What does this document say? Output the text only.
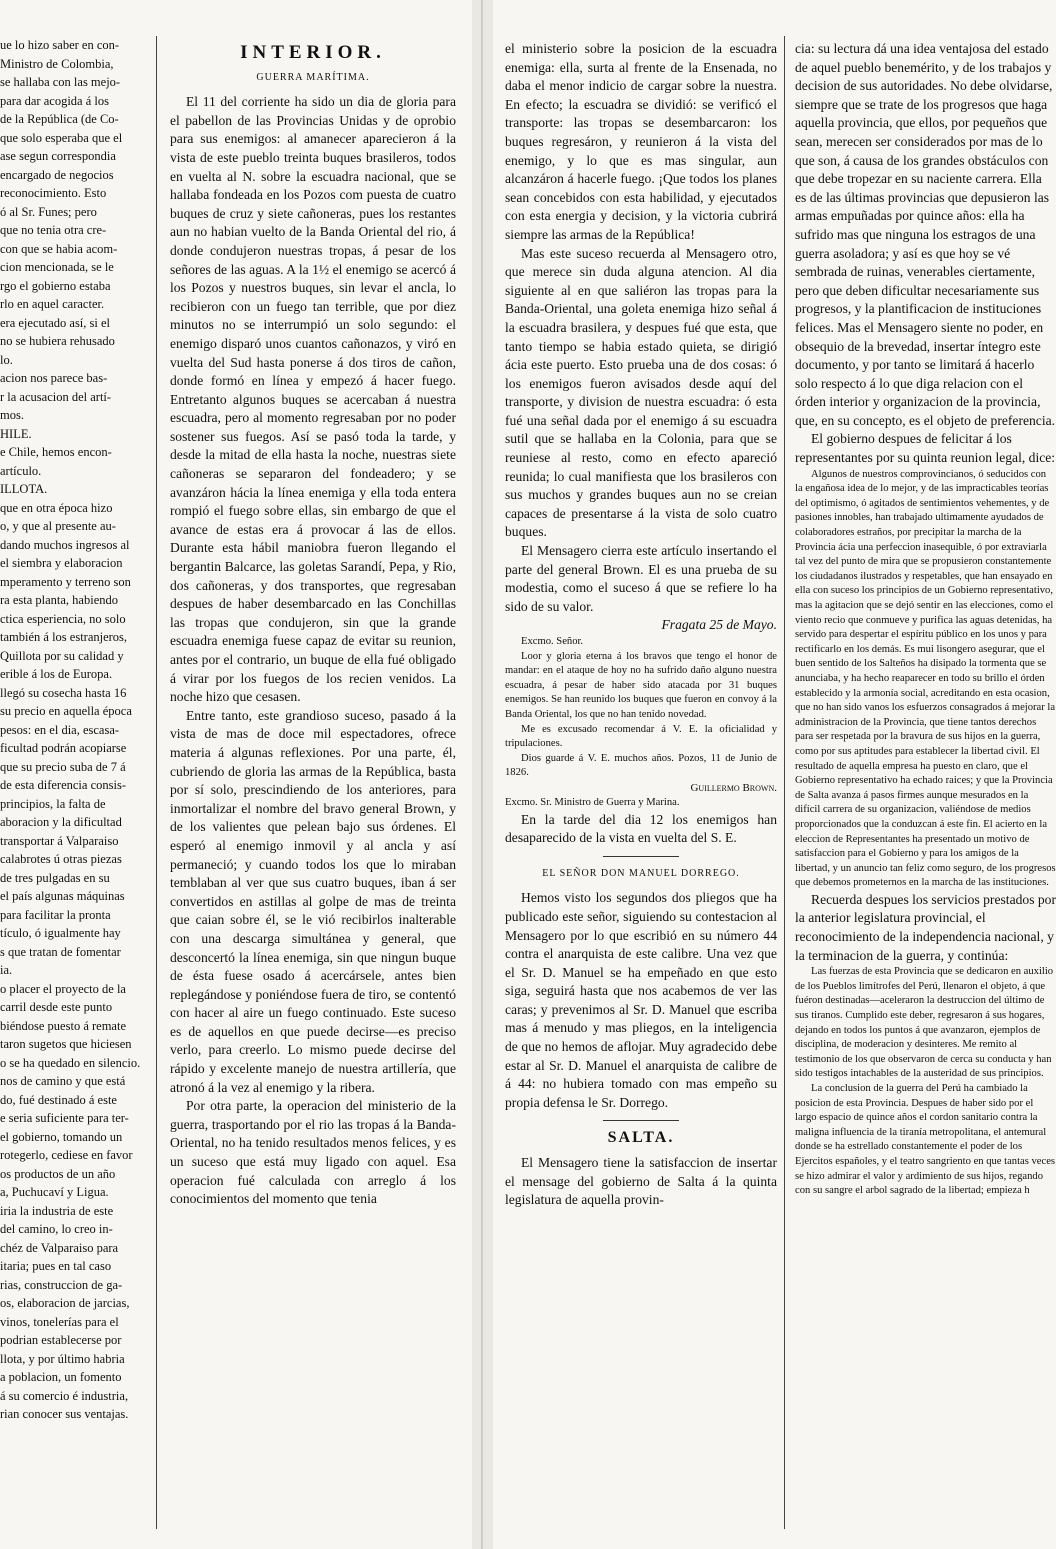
ue lo hizo saber en con-
Ministro de Colombia,
se hallaba con las mejo-
para dar acogida á los
de la República (de Co-
que solo esperaba que el
ase segun correspondia
encargado de negocios
reconocimiento. Esto
ó al Sr. Funes; pero
que no tenia otra cre-
con que se habia acom-
cion mencionada, se le
rgo el gobierno estaba
rlo en aquel caracter.
era ejecutado así, si el
no se hubiera rehusado
lo.
acion nos parece bas-
r la acusacion del artí-
mos.
HILE.
e Chile, hemos encon-
artículo.
ILLOTA.
que en otra época hizo
o, y que al presente au-
dando muchos ingresos al
el siembra y elaboracion
mperamento y terreno son
ra esta planta, habiendo
ctica esperiencia, no solo
también á los estranjeros,
Quillota por su calidad y
erible á los de Europa.
llegó su cosecha hasta 16
su precio en aquella época
pesos: en el dia, escasa-
ficultad podrán acopiarse
que su precio suba de 7 á
de esta diferencia consis-
principios, la falta de
aboracion y la dificultad
transportar á Valparaiso
calabrotes ú otras piezas
de tres pulgadas en su
el país algunas máquinas
para facilitar la pronta
tículo, ó igualmente hay
s que tratan de fomentar
ia.
o placer el proyecto de la
carril desde este punto
biéndose puesto á remate
taron sugetos que hiciesen
o se ha quedado en silencio.
nos de camino y que está
do, fué destinado á este
e seria suficiente para ter-
el gobierno, tomando un
rotegerlo, cediese en favor
os productos de un año
a, Puchucaví y Ligua.
iria la industria de este
del camino, lo creo in-
chéz de Valparaiso para
itaria; pues en tal caso
rias, construccion de ga-
os, elaboracion de jarcias,
vinos, tonelerías para el
podrian establecerse por
llota, y por último habria
a poblacion, un fomento
á su comercio é industria,
rian conocer sus ventajas.

INTERIOR.

GUERRA MARÍTIMA.

El 11 del corriente ha sido un dia de gloria para el pabellon de las Provincias Unidas y de oprobio para sus enemigos: al amanecer aparecieron á la vista de este pueblo treinta buques brasileros, todos en vuelta al N. sobre la escuadra nacional, que se hallaba fondeada en los Pozos com puesta de cuatro buques de cruz y siete cañoneras, pues los restantes aun no habian vuelto de la Banda Oriental del rio, á donde condujeron nuestras tropas, á pesar de los señores de las aguas. A la 1½ el enemigo se acercó á los Pozos y nuestros buques, sin levar el ancla, lo recibieron con un fuego tan terrible, que por diez minutos no se interrumpió un solo segundo: el enemigo disparó unos cuantos cañonazos, y viró en vuelta del Sud hasta ponerse á dos tiros de cañon, donde formó en línea y empezó á hacer fuego. Entretanto algunos buques se acercaban á nuestra escuadra, pero al momento regresaban por no poder sostener sus fuegos. Así se pasó toda la tarde, y desde la mitad de ella hasta la noche, nuestras siete cañoneras se separaron del fondeadero; y se avanzáron hácia la línea enemiga y ella toda entera rompió el fuego sobre ellas, sin embargo de que el avance de estas era á provocar á las de ellos. Durante esta hábil maniobra fueron llegando el bergantin Balcarce, las goletas Sarandí, Pepa, y Rio, dos cañoneras, y dos transportes, que regresaban despues de haber desembarcado en las Conchillas las tropas que condujeron, sin que la grande escuadra enemiga fuese capaz de evitar su reunion, antes por el contrario, un buque de ella fué obligado á virar por los fuegos de los recien venidos. La noche hizo que cesasen.

Entre tanto, este grandioso suceso, pasado á la vista de mas de doce mil espectadores, ofrece materia á algunas reflexiones. Por una parte, él, cubriendo de gloria las armas de la República, basta por sí solo, prescindiendo de los anteriores, para inmortalizar el nombre del bravo general Brown, y de los valientes que pelean bajo sus órdenes. El esperó al enemigo inmovil y al ancla y así permaneció; y cuando todos los que lo miraban temblaban al ver que sus cuatro buques, iban á ser convertidos en astillas al golpe de mas de treinta que caian sobre él, se le vió recibirlos inalterable con una descarga simultánea y general, que desconcertó la línea enemiga, sin que ningun buque de ésta fuese osado á acercársele, antes bien replegándose y poniéndose fuera de tiro, se contentó con hacer al aire un fuego continuado. Este suceso es de aquellos en que puede decirse—es preciso verlo, para creerlo. Lo mismo puede decirse del rápido y excelente manejo de nuestra artillería, que atronó á la vez al enemigo y la ribera.

Por otra parte, la operacion del ministerio de la guerra, trasportando por el rio las tropas á la Banda-Oriental, no ha tenido resultados menos felices, y es un suceso que está muy ligado con aquel. Esa operacion fué calculada con arreglo á los conocimientos del momento que tenia

el ministerio sobre la posicion de la escuadra enemiga: ella, surta al frente de la Ensenada, no daba el menor indicio de cargar sobre la nuestra. En efecto; la escuadra se dividió: se verificó el transporte: las tropas se desembarcaron: los buques regresáron, y reunieron á la vista del enemigo, y lo que es mas singular, aun alcanzáron á hacerle fuego. ¡Que todos los planes sean concebidos con esta habilidad, y ejecutados con esta energia y decision, y la victoria cubrirá siempre las armas de la República!

Mas este suceso recuerda al Mensagero otro, que merece sin duda alguna atencion. Al dia siguiente al en que saliéron las tropas para la Banda-Oriental, una goleta enemiga hizo señal á la escuadra brasilera, y despues fué que esta, que tanto tiempo se habia estado quieta, se dirigió ácia este puerto. Esto prueba una de dos cosas: ó los enemigos fueron avisados desde aquí del transporte, y division de nuestra escuadra: ó esta fué una señal dada por el enemigo á su escuadra sutil que se hallaba en la Colonia, para que se reuniese al resto, como en efecto apareció reunida; lo cual manifiesta que los brasileros con sus muchos y grandes buques aun no se creian capaces de presentarse á la vista de solo cuatro buques.

El Mensagero cierra este artículo insertando el parte del general Brown. El es una prueba de su modestia, como el suceso á que se refiere lo ha sido de su valor.

Fragata 25 de Mayo.

Excmo. Señor.

Loor y gloria eterna á los bravos que tengo el honor de mandar: en el ataque de hoy no ha sufrido daño alguno nuestra escuadra, á pesar de haber sido atacada por 31 buques enemigos. Se han reunido los buques que fueron en convoy á la Banda Oriental, los que no han tenido novedad.

Me es excusado recomendar á V. E. la oficialidad y tripulaciones.

Dios guarde á V. E. muchos años. Pozos, 11 de Junio de 1826.

Guillermo Brown.

Excmo. Sr. Ministro de Guerra y Marina.

En la tarde del dia 12 los enemigos han desaparecido de la vista en vuelta del S. E.

EL SEÑOR DON MANUEL DORREGO.

Hemos visto los segundos dos pliegos que ha publicado este señor, siguiendo su contestacion al Mensagero por lo que escribió en su número 44 contra el anarquista de este calibre. Una vez que el Sr. D. Manuel se ha empeñado en que esto siga, seguirá hasta que nos acabemos de ver las caras; y prevenimos al Sr. D. Manuel que escriba mas á menudo y mas pliegos, en la inteligencia de que no hemos de aflojar. Muy agradecido debe estar al Sr. D. Manuel el anarquista de calibre de á 44: no hubiera tomado con mas empeño su propia defensa le Sr. Dorrego.

SALTA.

El Mensagero tiene la satisfaccion de insertar el mensage del gobierno de Salta á la quinta legislatura de aquella provin-

cia: su lectura dá una idea ventajosa del estado de aquel pueblo benemérito, y de los trabajos y decision de sus autoridades. No debe olvidarse, siempre que se trate de los progresos que haga aquella provincia, que ellos, por pequeños que sean, merecen ser considerados por mas de lo que son, á causa de los grandes obstáculos con que debe tropezar en su naciente carrera. Ella es de las últimas provincias que depusieron las armas empuñadas por quince años: ella ha sufrido mas que ninguna los estragos de una guerra asoladora; y así es que hoy se vé sembrada de ruinas, venerables ciertamente, pero que deben dificultar necesariamente sus progresos, y la plantificacion de instituciones felices. Mas el Mensagero siente no poder, en obsequio de la brevedad, insertar íntegro este documento, y por tanto se limitará á hacerlo solo respecto á lo que diga relacion con el órden interior y organizacion de la provincia, que, en su concepto, es el objeto de preferencia.

El gobierno despues de felicitar á los representantes por su quinta reunion legal, dice:

Algunos de nuestros comprovincianos, ó seducidos con la engañosa idea de lo mejor, y de las impracticables teorías del optimismo, ó agitados de sentimientos vehementes, y de pasiones innobles, han trabajado ultimamente ayudados de colaboradores estraños, por precipitar la marcha de la Provincia ácia una perfeccion inasequible, ó por extraviarla tal vez del punto de mira que se propusieron constantemente los ciudadanos ilustrados y respetables, que han ensayado en ella con suceso los principios de un Gobierno representativo, mas la agitacion que se dejó sentir en las elecciones, como el viento recio que conmueve y purifica las aguas detenidas, ha servido para despertar el espíritu público en los unos y para rectificarlo en los demás. Es mui lisongero asegurar, que el buen sentido de los Salteños ha disipado la tormenta que se anunciaba, y ha hecho reaparecer en todo su brillo el órden establecido y la armonía social, acreditando en esta ocasion, que no han sido vanos los esfuerzos consagrados á mejorar la administracion de la Provincia, que tiene tantos derechos para ser respetada por la bravura de sus hijos en la guerra, como por sus aptitudes para establecer la libertad civil. El resultado de aquella empresa ha puesto en claro, que el Gobierno representativo ha echado raices; y que la Provincia de Salta avanza á pasos firmes aunque mesurados en la difícil carrera de su organizacion, valiéndose de medios proporcionados que la conduzcan á este fin. El acierto en la eleccion de Representantes ha presentado un motivo de satisfaccion para el Gobierno y para los amigos de la libertad, y un anuncio tan feliz como seguro, de los progresos que debemos prometernos en la marcha de las instituciones.

Recuerda despues los servicios prestados por la anterior legislatura provincial, el reconocimiento de la independencia nacional, y la terminacion de la guerra, y continúa:

Las fuerzas de esta Provincia que se dedicaron en auxilio de los Pueblos limítrofes del Perú, llenaron el objeto, á que fuéron destinadas—aceleraron la destruccion del último de sus tiranos. Cumplido este deber, regresaron á sus hogares, dejando en todos los puntos á que avanzaron, ejemplos de disciplina, de moderacion y desinteres. Me remito al testimonio de los que observaron de cerca su conducta y han sido testigos intachables de la austeridad de sus principios.

La conclusion de la guerra del Perú ha cambiado la posicion de esta Provincia. Despues de haber sido por el largo espacio de quince años el cordon sanitario contra la maligna influencia de la tiranía metropolitana, el antemural donde se ha estrellado constantemente el poder de los Ejercitos españoles, y el teatro sangriento en que tantas veces se hizo admirar el valor y ardimiento de sus hijos, regando con su sangre el arbol sagrado de la libertad; empieza h
